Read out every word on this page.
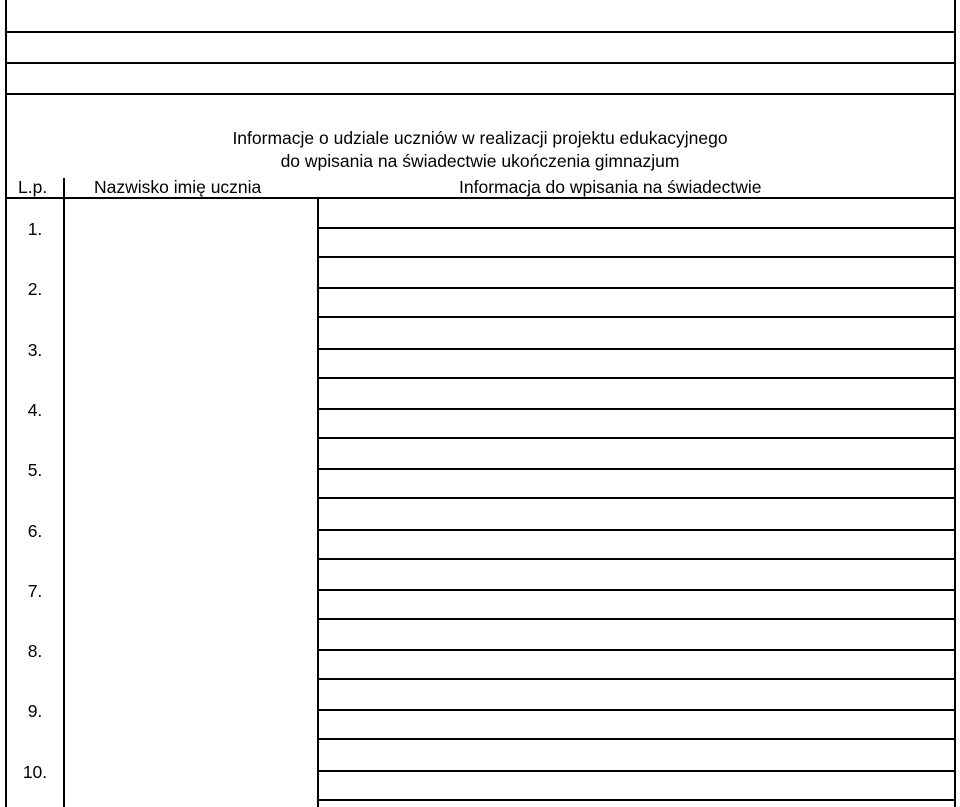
Informacje o udziale uczniów w realizacji projektu edukacyjnego
do wpisania na świadectwie ukończenia gimnazjum
L.p.	Nazwisko imię ucznia	Informacja do wpisania na świadectwie
1.
2.
3.
4.
5.
6.
7.
8.
9.
10.
